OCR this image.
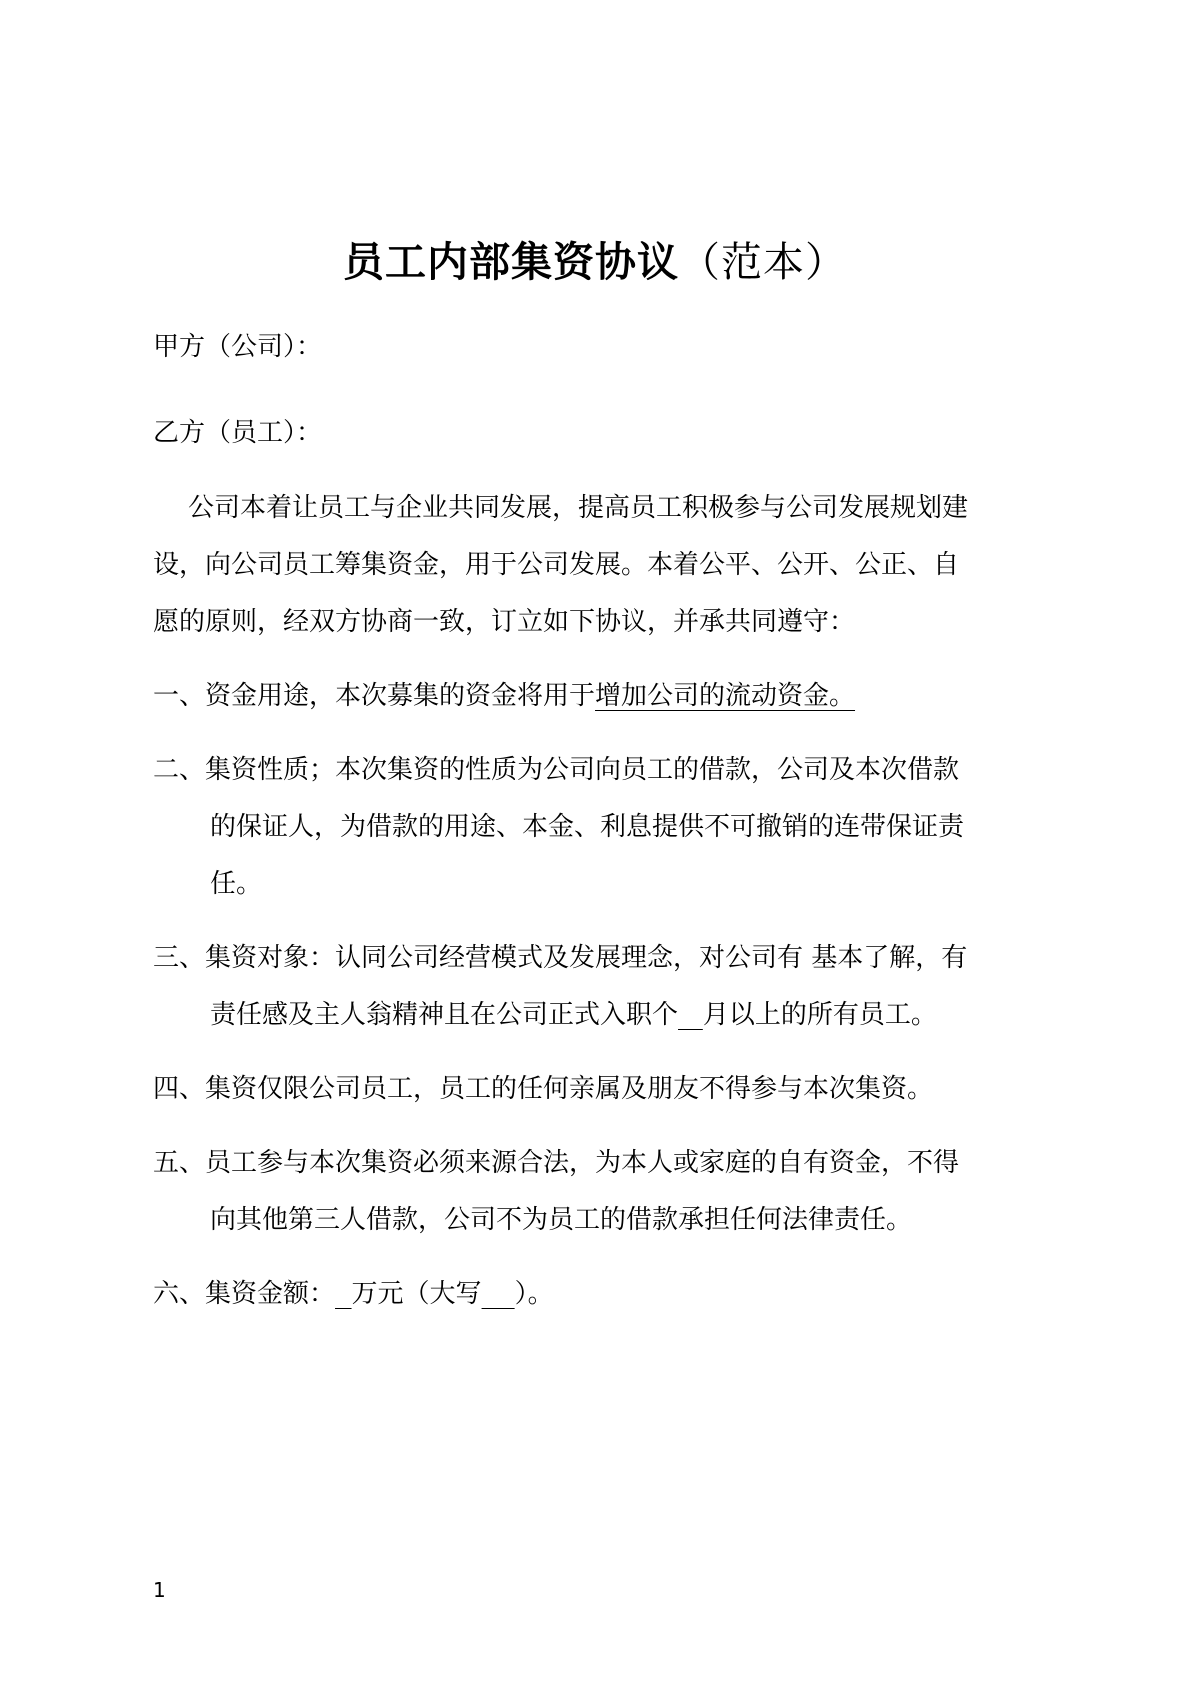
员工内部集资协议（范本）
甲方（公司）：
乙方（员工）：
公司本着让员工与企业共同发展，提高员工积极参与公司发展规划建
设，向公司员工筹集资金，用于公司发展。本着公平、公开、公正、自
愿的原则，经双方协商一致，订立如下协议，并承共同遵守：
一、资金用途，本次募集的资金将用于增加公司的流动资金。
二、集资性质；本次集资的性质为公司向员工的借款，公司及本次借款
的保证人，为借款的用途、本金、利息提供不可撤销的连带保证责
任。
三、集资对象：认同公司经营模式及发展理念，对公司有 基本了解，有
责任感及主人翁精神且在公司正式入职个 月以上的所有员工。
四、集资仅限公司员工，员工的任何亲属及朋友不得参与本次集资。
五、员工参与本次集资必须来源合法，为本人或家庭的自有资金，不得
向其他第三人借款，公司不为员工的借款承担任何法律责任。
六、集资金额： 万元（大写 ）。
1
